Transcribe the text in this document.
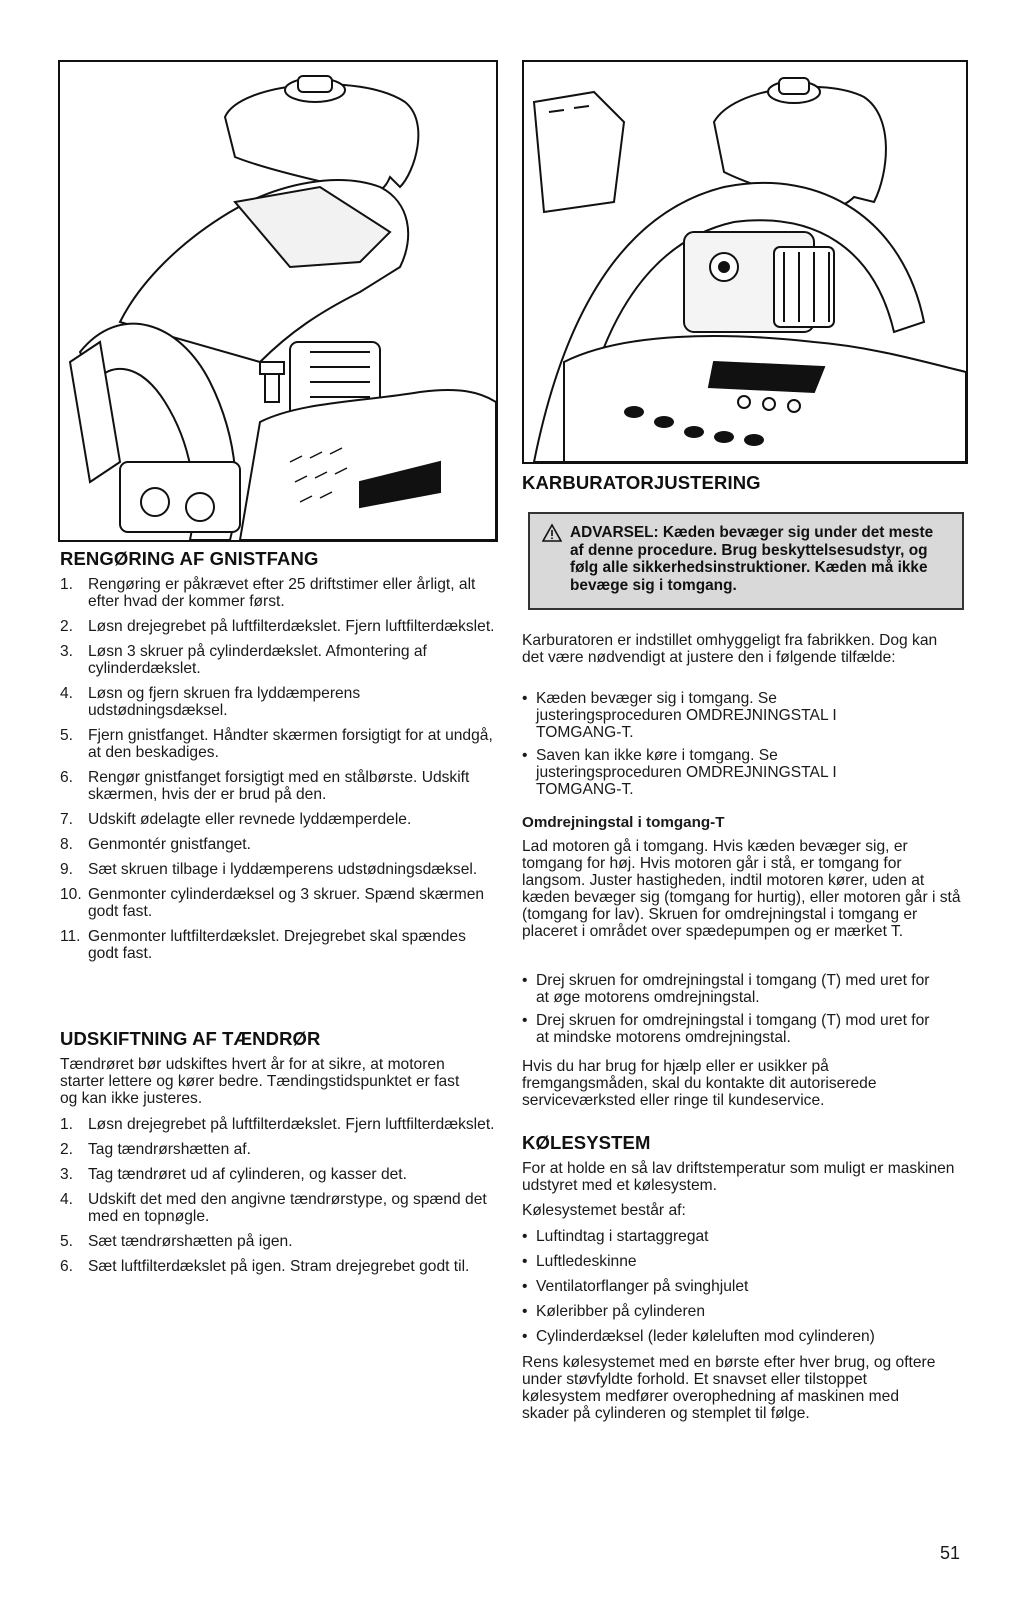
RENGØRING AF GNISTFANG
1. Rengøring er påkrævet efter 25 driftstimer eller årligt, alt efter hvad der kommer først.
2. Løsn drejegrebet på luftfilterdækslet. Fjern luftfilterdækslet.
3. Løsn 3 skruer på cylinderdækslet. Afmontering af cylinderdækslet.
4. Løsn og fjern skruen fra lyddæmperens udstødningsdæksel.
5. Fjern gnistfanget. Håndter skærmen forsigtigt for at undgå, at den beskadiges.
6. Rengør gnistfanget forsigtigt med en stålbørste. Udskift skærmen, hvis der er brud på den.
7. Udskift ødelagte eller revnede lyddæmperdele.
8. Genmontér gnistfanget.
9. Sæt skruen tilbage i lyddæmperens udstødningsdæksel.
10. Genmonter cylinderdæksel og 3 skruer. Spænd skærmen godt fast.
11. Genmonter luftfilterdækslet. Drejegrebet skal spændes godt fast.
UDSKIFTNING AF TÆNDRØR

Tændrøret bør udskiftes hvert år for at sikre, at motoren starter lettere og kører bedre. Tændingstidspunktet er fast og kan ikke justeres.

1. Løsn drejegrebet på luftfilterdækslet. Fjern luftfilterdækslet.
2. Tag tændrørshætten af.
3. Tag tændrøret ud af cylinderen, og kasser det.
4. Udskift det med den angivne tændrørstype, og spænd det med en topnøgle.
5. Sæt tændrørshætten på igen.
6. Sæt luftfilterdækslet på igen. Stram drejegrebet godt til.
KARBURATORJUSTERING
ADVARSEL: Kæden bevæger sig under det meste af denne procedure. Brug beskyttelsesudstyr, og følg alle sikkerhedsinstruktioner. Kæden må ikke bevæge sig i tomgang.

Karburatoren er indstillet omhyggeligt fra fabrikken. Dog kan det være nødvendigt at justere den i følgende tilfælde:

• Kæden bevæger sig i tomgang. Se justeringsproceduren OMDREJNINGSTAL I TOMGANG-T.
• Saven kan ikke køre i tomgang. Se justeringsproceduren OMDREJNINGSTAL I TOMGANG-T.

Omdrejningstal i tomgang-T

Lad motoren gå i tomgang. Hvis kæden bevæger sig, er tomgang for høj. Hvis motoren går i stå, er tomgang for langsom. Juster hastigheden, indtil motoren kører, uden at kæden bevæger sig (tomgang for hurtig), eller motoren går i stå (tomgang for lav). Skruen for omdrejningstal i tomgang er placeret i området over spædepumpen og er mærket T.

• Drej skruen for omdrejningstal i tomgang (T) med uret for at øge motorens omdrejningstal.
• Drej skruen for omdrejningstal i tomgang (T) mod uret for at mindske motorens omdrejningstal.

Hvis du har brug for hjælp eller er usikker på fremgangsmåden, skal du kontakte dit autoriserede serviceværksted eller ringe til kundeservice.

KØLESYSTEM

For at holde en så lav driftstemperatur som muligt er maskinen udstyret med et kølesystem.

Kølesystemet består af:

• Luftindtag i startaggregat
• Luftledeskinne
• Ventilatorflanger på svinghjulet
• Køleribber på cylinderen
• Cylinderdæksel (leder køleluften mod cylinderen)

Rens kølesystemet med en børste efter hver brug, og oftere under støvfyldte forhold. Et snavset eller tilstoppet kølesystem medfører overophedning af maskinen med skader på cylinderen og stemplet til følge.

51
